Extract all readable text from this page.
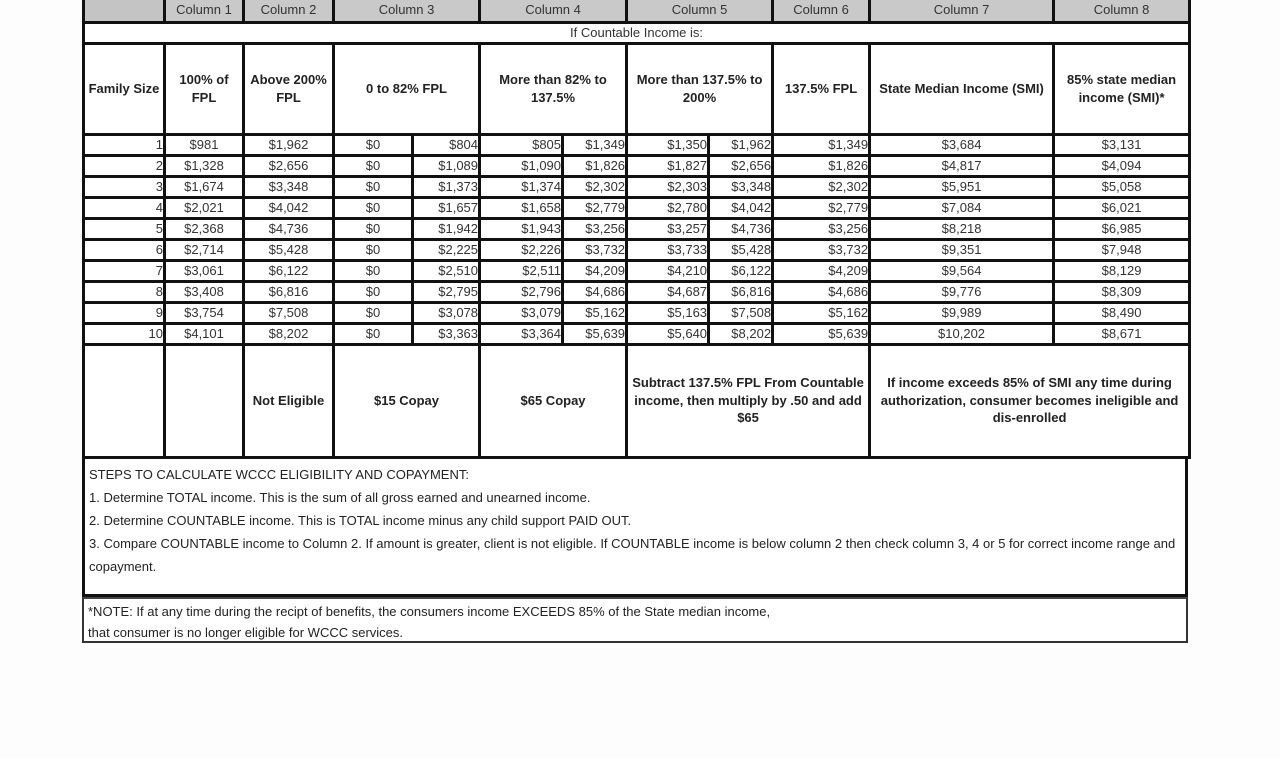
	Column 1	Column 2	Column 3		Column 4		Column 5		Column 6	Column 7	Column 8
If Countable Income is:											
Family Size	100% of FPL	Above 200% FPL	0 to 82% FPL		More than 82% to 137.5%		More than 137.5% to 200%		137.5% FPL	State Median Income (SMI)	85% state median income (SMI)*
1	$981	$1,962	$0	$804	$805	$1,349	$1,350	$1,962	$1,349	$3,684	$3,131
2	$1,328	$2,656	$0	$1,089	$1,090	$1,826	$1,827	$2,656	$1,826	$4,817	$4,094
3	$1,674	$3,348	$0	$1,373	$1,374	$2,302	$2,303	$3,348	$2,302	$5,951	$5,058
4	$2,021	$4,042	$0	$1,657	$1,658	$2,779	$2,780	$4,042	$2,779	$7,084	$6,021
5	$2,368	$4,736	$0	$1,942	$1,943	$3,256	$3,257	$4,736	$3,256	$8,218	$6,985
6	$2,714	$5,428	$0	$2,225	$2,226	$3,732	$3,733	$5,428	$3,732	$9,351	$7,948
7	$3,061	$6,122	$0	$2,510	$2,511	$4,209	$4,210	$6,122	$4,209	$9,564	$8,129
8	$3,408	$6,816	$0	$2,795	$2,796	$4,686	$4,687	$6,816	$4,686	$9,776	$8,309
9	$3,754	$7,508	$0	$3,078	$3,079	$5,162	$5,163	$7,508	$5,162	$9,989	$8,490
10	$4,101	$8,202	$0	$3,363	$3,364	$5,639	$5,640	$8,202	$5,639	$10,202	$8,671
		Not Eligible	$15 Copay		$65 Copay		Subtract 137.5% FPL From Countable income, then multiply by .50 and add $65			If income exceeds 85% of SMI any time during authorization, consumer becomes ineligible and dis-enrolled	
STEPS TO CALCULATE WCCC ELIGIBILITY AND COPAYMENT:
1. Determine TOTAL income. This is the sum of all gross earned and unearned income.
2. Determine COUNTABLE income. This is TOTAL income minus any child support PAID OUT.
3. Compare COUNTABLE income to Column 2. If amount is greater, client is not eligible. If COUNTABLE income is below column 2 then check column 3, 4 or 5 for correct income range and copayment.
*NOTE: If at any time during the recipt of benefits, the consumers income EXCEEDS 85% of the State median income,
that consumer is no longer eligible for WCCC services.
